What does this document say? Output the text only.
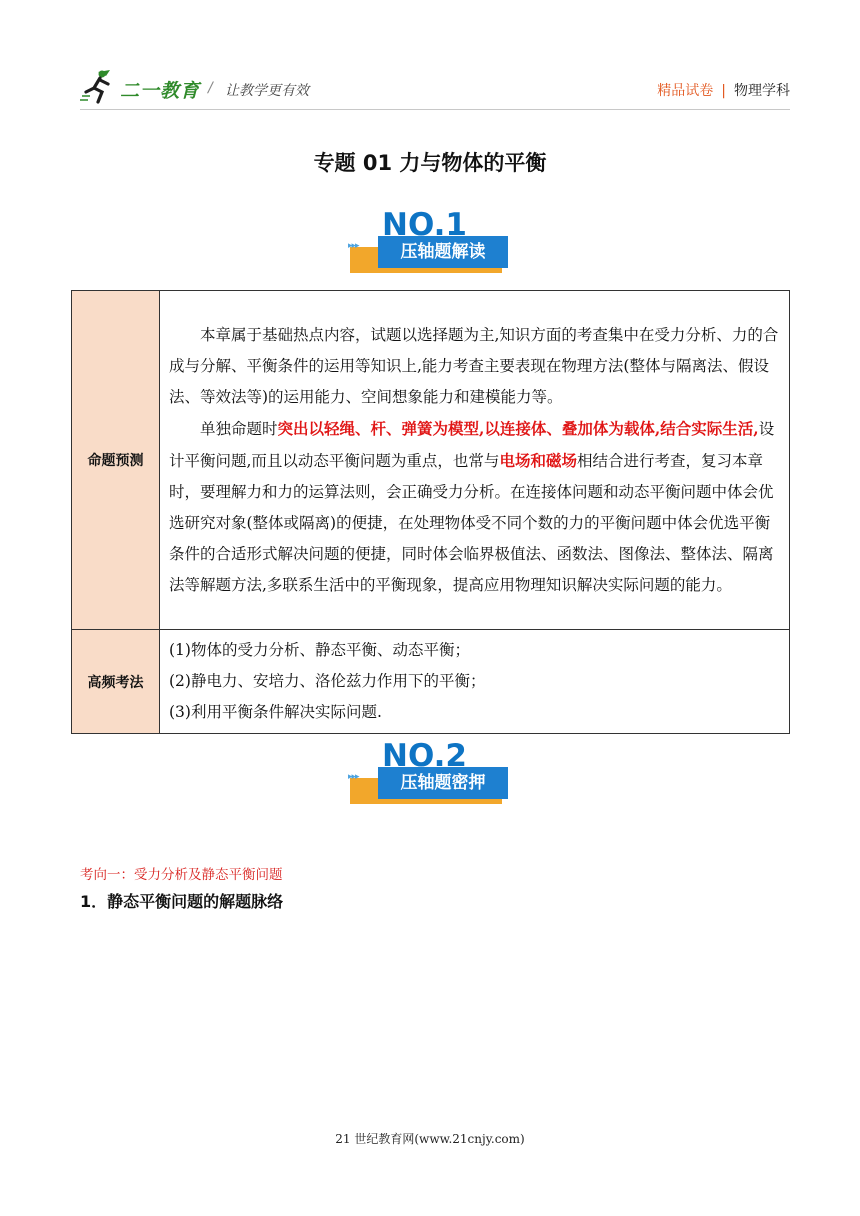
二一教育 / 让教学更有效	精品试卷 | 物理学科
专题 01 力与物体的平衡
▸▸▸
NO.1
压轴题解读
命题预测	本章属于基础热点内容，试题以选择题为主,知识方面的考查集中在受力分析、力的合成与分解、平衡条件的运用等知识上,能力考查主要表现在物理方法(整体与隔离法、假设法、等效法等)的运用能力、空间想象能力和建模能力等。

单独命题时突出以轻绳、杆、弹簧为模型,以连接体、叠加体为载体,结合实际生活,设计平衡问题,而且以动态平衡问题为重点，也常与电场和磁场相结合进行考查，复习本章时，要理解力和力的运算法则，会正确受力分析。在连接体问题和动态平衡问题中体会优选研究对象(整体或隔离)的便捷，在处理物体受不同个数的力的平衡问题中体会优选平衡条件的合适形式解决问题的便捷，同时体会临界极值法、函数法、图像法、整体法、隔离法等解题方法,多联系生活中的平衡现象，提高应用物理知识解决实际问题的能力。

高频考法	(1)物体的受力分析、静态平衡、动态平衡；
(2)静电力、安培力、洛伦兹力作用下的平衡；
(3)利用平衡条件解决实际问题.
▸▸▸
NO.2
压轴题密押
考向一：受力分析及静态平衡问题
1．静态平衡问题的解题脉络
21 世纪教育网(www.21cnjy.com)
